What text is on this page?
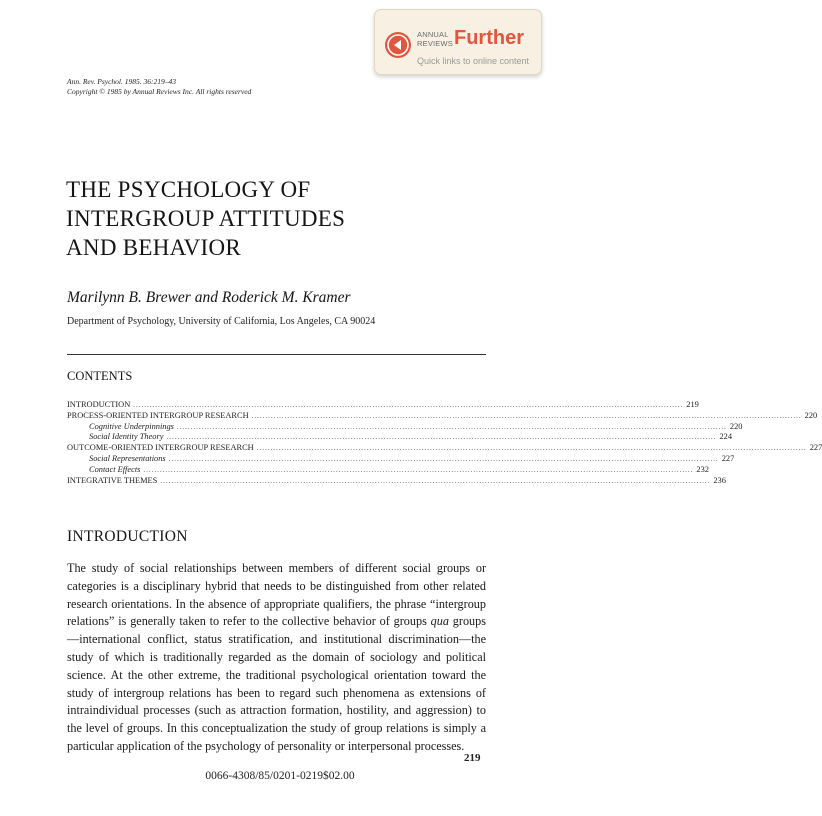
ANNUAL
REVIEWS Further
Quick links to online content
Ann. Rev. Psychol. 1985. 36:219–43
Copyright © 1985 by Annual Reviews Inc. All rights reserved
THE PSYCHOLOGY OF
INTERGROUP ATTITUDES
AND BEHAVIOR
Marilynn B. Brewer and Roderick M. Kramer
Department of Psychology, University of California, Los Angeles, CA 90024
CONTENTS
INTRODUCTION ........................................................................................................................................................................................................ 219
PROCESS-ORIENTED INTERGROUP RESEARCH ........................................................................................................................................................................................................ 220
Cognitive Underpinnings ........................................................................................................................................................................................................ 220
Social Identity Theory ........................................................................................................................................................................................................ 224
OUTCOME-ORIENTED INTERGROUP RESEARCH ........................................................................................................................................................................................................ 227
Social Representations ........................................................................................................................................................................................................ 227
Contact Effects ........................................................................................................................................................................................................ 232
INTEGRATIVE THEMES ........................................................................................................................................................................................................ 236
INTRODUCTION

The study of social relationships between members of different social groups or categories is a disciplinary hybrid that needs to be distinguished from other related research orientations. In the absence of appropriate qualifiers, the phrase “intergroup relations” is generally taken to refer to the collective behavior of groups qua groups—international conflict, status stratification, and institutional discrimination—the study of which is traditionally regarded as the domain of sociology and political science. At the other extreme, the traditional psychological orientation toward the study of intergroup relations has been to regard such phenomena as extensions of intraindividual processes (such as attraction formation, hostility, and aggression) to the level of groups. In this conceptualization the study of group relations is simply a particular application of the psychology of personality or interpersonal processes.

219
0066-4308/85/0201-0219$02.00
